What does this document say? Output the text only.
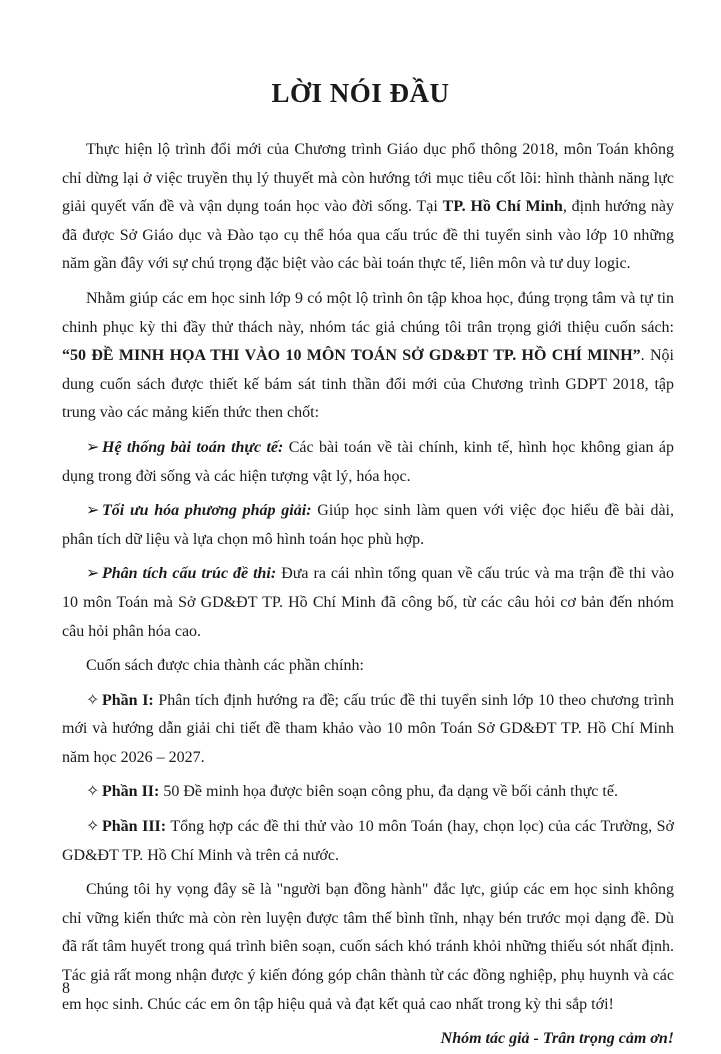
LỜI NÓI ĐẦU

Thực hiện lộ trình đổi mới của Chương trình Giáo dục phổ thông 2018, môn Toán không chỉ dừng lại ở việc truyền thụ lý thuyết mà còn hướng tới mục tiêu cốt lõi: hình thành năng lực giải quyết vấn đề và vận dụng toán học vào đời sống. Tại TP. Hồ Chí Minh, định hướng này đã được Sở Giáo dục và Đào tạo cụ thể hóa qua cấu trúc đề thi tuyển sinh vào lớp 10 những năm gần đây với sự chú trọng đặc biệt vào các bài toán thực tế, liên môn và tư duy logic.

Nhằm giúp các em học sinh lớp 9 có một lộ trình ôn tập khoa học, đúng trọng tâm và tự tin chinh phục kỳ thi đầy thử thách này, nhóm tác giả chúng tôi trân trọng giới thiệu cuốn sách: “50 ĐỀ MINH HỌA THI VÀO 10 MÔN TOÁN SỞ GD&ĐT TP. HỒ CHÍ MINH”. Nội dung cuốn sách được thiết kế bám sát tinh thần đổi mới của Chương trình GDPT 2018, tập trung vào các mảng kiến thức then chốt:

➢ Hệ thống bài toán thực tế: Các bài toán về tài chính, kinh tế, hình học không gian áp dụng trong đời sống và các hiện tượng vật lý, hóa học.
➢ Tối ưu hóa phương pháp giải: Giúp học sinh làm quen với việc đọc hiểu đề bài dài, phân tích dữ liệu và lựa chọn mô hình toán học phù hợp.
➢ Phân tích cấu trúc đề thi: Đưa ra cái nhìn tổng quan về cấu trúc và ma trận đề thi vào 10 môn Toán mà Sở GD&ĐT TP. Hồ Chí Minh đã công bố, từ các câu hỏi cơ bản đến nhóm câu hỏi phân hóa cao.

Cuốn sách được chia thành các phần chính:

✧ Phần I: Phân tích định hướng ra đề; cấu trúc đề thi tuyển sinh lớp 10 theo chương trình mới và hướng dẫn giải chi tiết đề tham khảo vào 10 môn Toán Sở GD&ĐT TP. Hồ Chí Minh năm học 2026 – 2027.
✧ Phần II: 50 Đề minh họa được biên soạn công phu, đa dạng về bối cảnh thực tế.
✧ Phần III: Tổng hợp các đề thi thử vào 10 môn Toán (hay, chọn lọc) của các Trường, Sở GD&ĐT TP. Hồ Chí Minh và trên cả nước.

Chúng tôi hy vọng đây sẽ là "người bạn đồng hành" đắc lực, giúp các em học sinh không chỉ vững kiến thức mà còn rèn luyện được tâm thế bình tĩnh, nhạy bén trước mọi dạng đề. Dù đã rất tâm huyết trong quá trình biên soạn, cuốn sách khó tránh khỏi những thiếu sót nhất định. Tác giả rất mong nhận được ý kiến đóng góp chân thành từ các đồng nghiệp, phụ huynh và các em học sinh. Chúc các em ôn tập hiệu quả và đạt kết quả cao nhất trong kỳ thi sắp tới!

Nhóm tác giả - Trân trọng cảm ơn!
8
